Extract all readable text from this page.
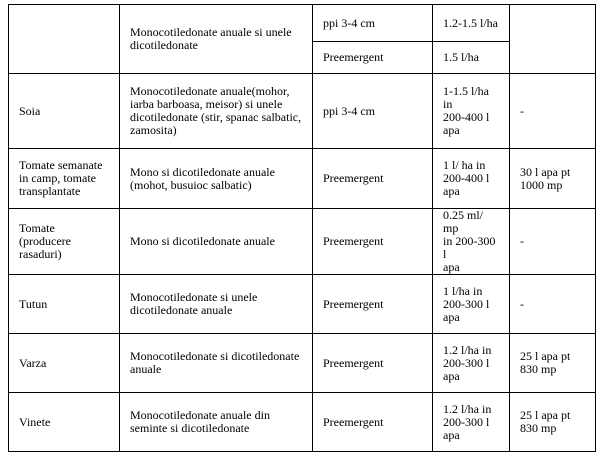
	Monocotiledonate anuale si unele
dicotiledonate	ppi 3-4 cm	1.2-1.5 l/ha	

		Preemergent	1.5 l/ha	

Soia	Monocotiledonate anuale(mohor,
iarba barboasa, meisor) si unele
dicotiledonate (stir, spanac salbatic,
zamosita)	ppi 3-4 cm	1-1.5 l/ha in
200-400 l
apa	-

Tomate semanate
in camp, tomate
transplantate	Mono si dicotiledonate anuale
(mohot, busuioc salbatic)	Preemergent	1 l/ ha in
200-400 l
apa	30 l apa pt
1000 mp

Tomate (producere
rasaduri)	Mono si dicotiledonate anuale	Preemergent	0.25 ml/ mp
in 200-300 l
apa	-

Tutun	Monocotiledonate si unele
dicotiledonate anuale	Preemergent	1 l/ha in
200-300 l
apa	-

Varza	Monocotiledonate si dicotiledonate
anuale	Preemergent	1.2 l/ha in
200-300 l
apa	25 l apa pt
830 mp

Vinete	Monocotiledonate anuale din
seminte si dicotiledonate	Preemergent	1.2 l/ha in
200-300 l
apa	25 l apa pt
830 mp
